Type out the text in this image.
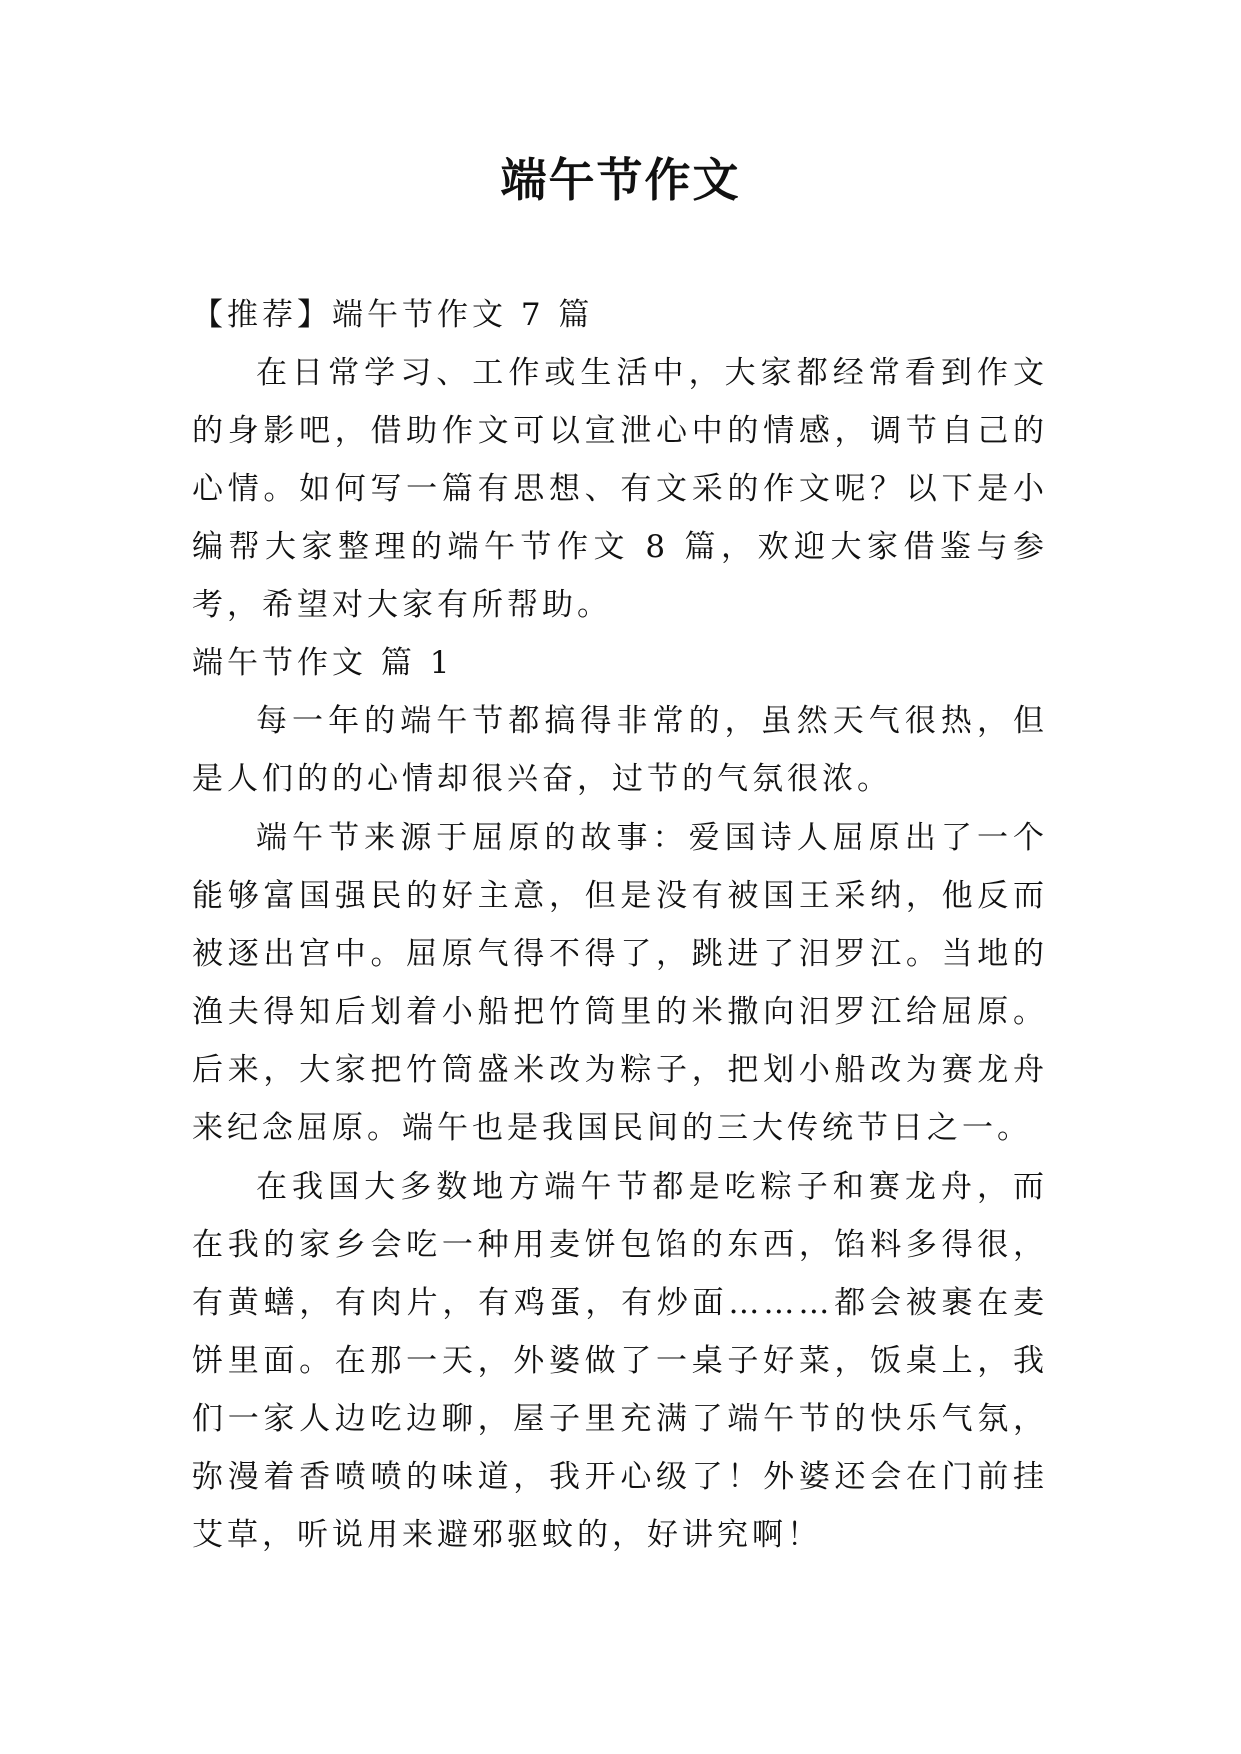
端午节作文

【推荐】端午节作文 7 篇

在日常学习、工作或生活中，大家都经常看到作文的身影吧，借助作文可以宣泄心中的情感，调节自己的心情。如何写一篇有思想、有文采的作文呢？以下是小编帮大家整理的端午节作文 8 篇，欢迎大家借鉴与参考，希望对大家有所帮助。

端午节作文 篇 1

每一年的端午节都搞得非常的，虽然天气很热，但是人们的的心情却很兴奋，过节的气氛很浓。

端午节来源于屈原的故事：爱国诗人屈原出了一个能够富国强民的好主意，但是没有被国王采纳，他反而被逐出宫中。屈原气得不得了，跳进了汨罗江。当地的渔夫得知后划着小船把竹筒里的米撒向汨罗江给屈原。后来，大家把竹筒盛米改为粽子，把划小船改为赛龙舟来纪念屈原。端午也是我国民间的三大传统节日之一。

在我国大多数地方端午节都是吃粽子和赛龙舟，而在我的家乡会吃一种用麦饼包馅的东西，馅料多得很，有黄蟮，有肉片，有鸡蛋，有炒面………都会被裹在麦饼里面。在那一天，外婆做了一桌子好菜，饭桌上，我们一家人边吃边聊，屋子里充满了端午节的快乐气氛，弥漫着香喷喷的味道，我开心级了！外婆还会在门前挂艾草，听说用来避邪驱蚊的，好讲究啊！
